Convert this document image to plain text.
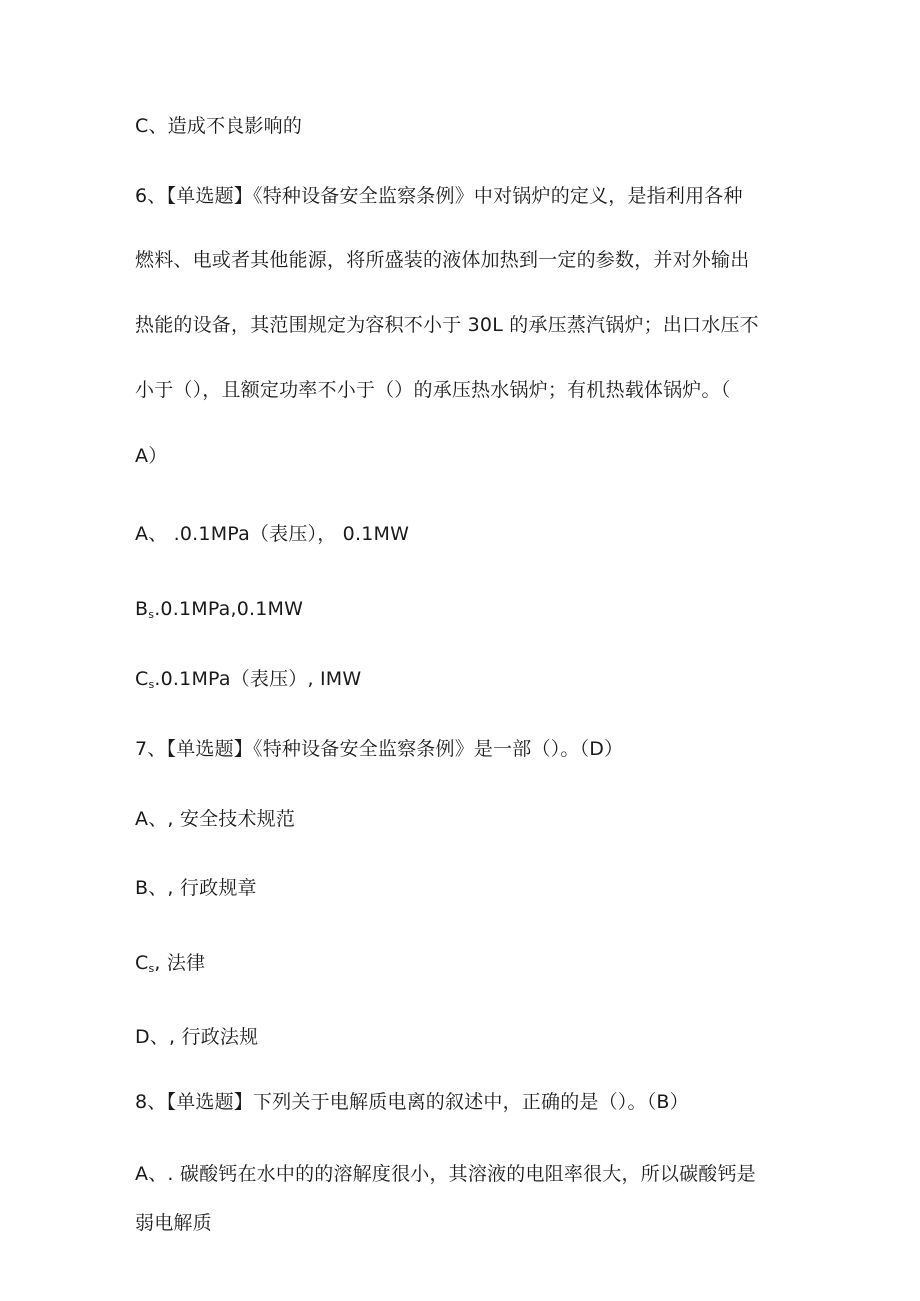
C、造成不良影响的
6、【单选题】《特种设备安全监察条例》中对锅炉的定义，是指利用各种
燃料、电或者其他能源，将所盛装的液体加热到一定的参数，并对外输出
热能的设备，其范围规定为容积不小于 30L 的承压蒸汽锅炉；出口水压不
小于（），且额定功率不小于（）的承压热水锅炉；有机热载体锅炉。（
A）
A、 .0.1MPa（表压）， 0.1MW
$B_s.0.1MPa,0.1MW$
$C_s.0.1MPa$（表压）, IMW
7、【单选题】《特种设备安全监察条例》是一部（）。（D）
A、, 安全技术规范
B、, 行政规章
$C_s$, 法律
D、, 行政法规
8、【单选题】下列关于电解质电离的叙述中，正确的是（）。（B）
A、. 碳酸钙在水中的的溶解度很小，其溶液的电阻率很大，所以碳酸钙是
弱电解质
